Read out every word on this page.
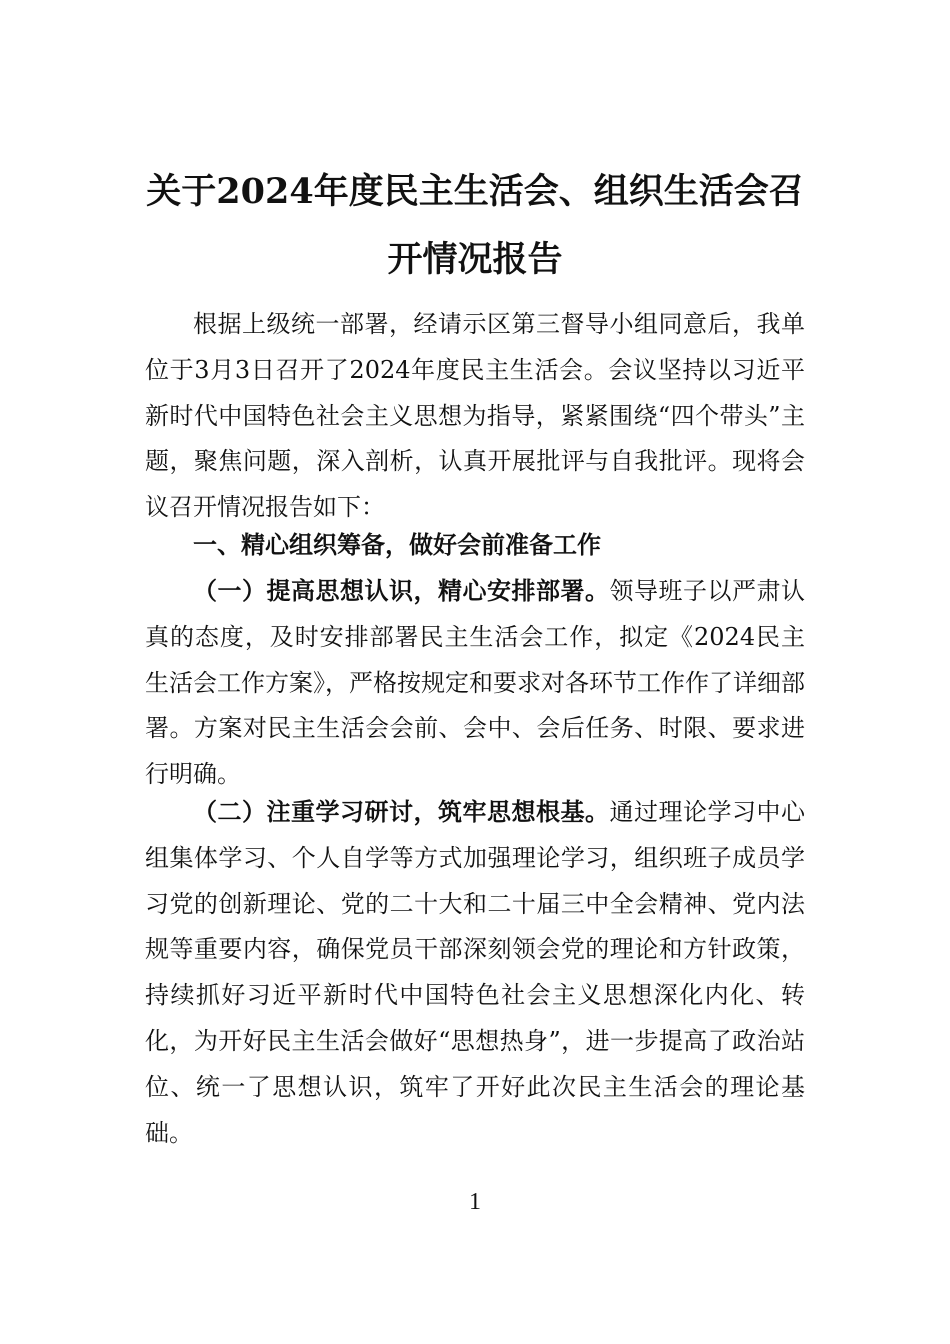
关于2024年度民主生活会、组织生活会召
开情况报告

根据上级统一部署，经请示区第三督导小组同意后，我单位于3月3日召开了2024年度民主生活会。会议坚持以习近平新时代中国特色社会主义思想为指导，紧紧围绕“四个带头”主题，聚焦问题，深入剖析，认真开展批评与自我批评。现将会议召开情况报告如下：

一、精心组织筹备，做好会前准备工作

（一）提高思想认识，精心安排部署。领导班子以严肃认真的态度，及时安排部署民主生活会工作，拟定《2024民主生活会工作方案》，严格按规定和要求对各环节工作作了详细部署。方案对民主生活会会前、会中、会后任务、时限、要求进行明确。

（二）注重学习研讨，筑牢思想根基。通过理论学习中心组集体学习、个人自学等方式加强理论学习，组织班子成员学习党的创新理论、党的二十大和二十届三中全会精神、党内法规等重要内容，确保党员干部深刻领会党的理论和方针政策，持续抓好习近平新时代中国特色社会主义思想深化内化、转化，为开好民主生活会做好“思想热身”，进一步提高了政治站位、统一了思想认识，筑牢了开好此次民主生活会的理论基础。

1
